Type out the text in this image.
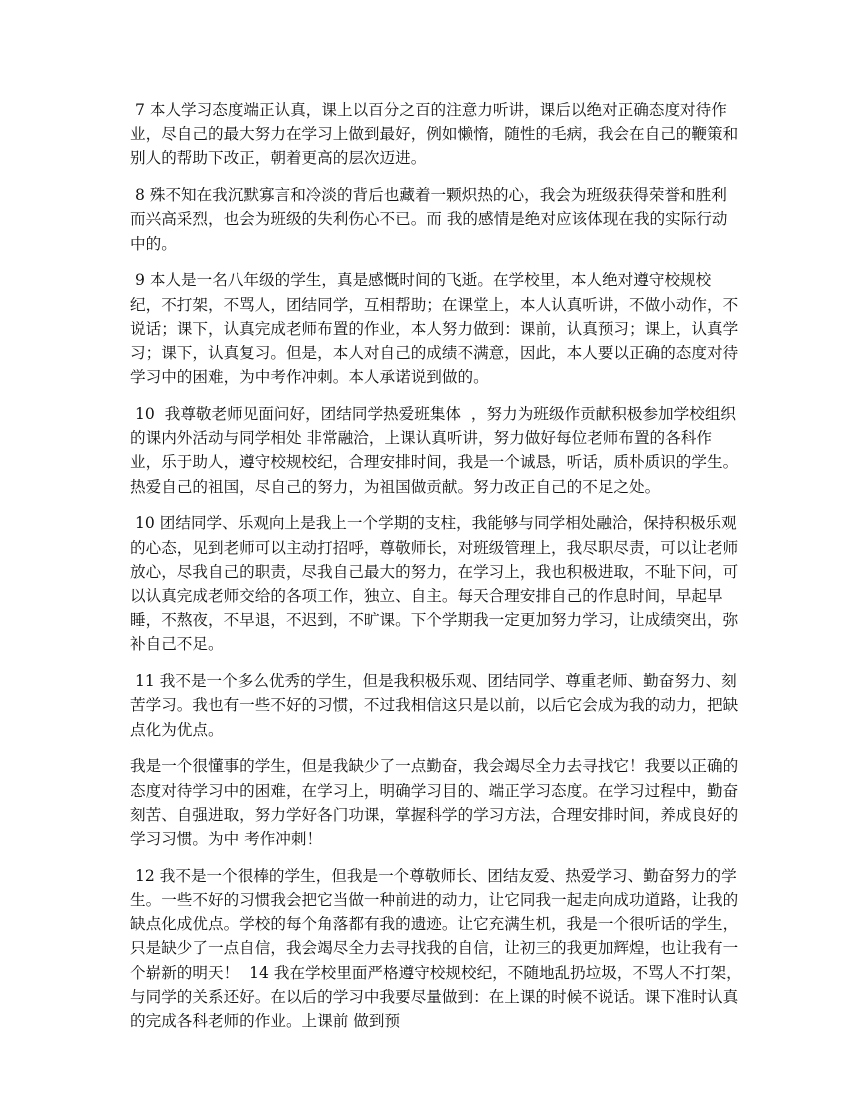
7 本人学习态度端正认真，课上以百分之百的注意力听讲，课后以绝对正确态度对待作业，尽自己的最大努力在学习上做到最好，例如懒惰，随性的毛病，我会在自己的鞭策和别人的帮助下改正，朝着更高的层次迈进。

8 殊不知在我沉默寡言和冷淡的背后也藏着一颗炽热的心，我会为班级获得荣誉和胜利而兴高采烈，也会为班级的失利伤心不已。而 我的感情是绝对应该体现在我的实际行动中的。

9 本人是一名八年级的学生，真是感慨时间的飞逝。在学校里，本人绝对遵守校规校纪，不打架，不骂人，团结同学，互相帮助；在课堂上，本人认真听讲，不做小动作，不说话；课下，认真完成老师布置的作业，本人努力做到：课前，认真预习；课上，认真学习；课下，认真复习。但是，本人对自己的成绩不满意，因此，本人要以正确的态度对待学习中的困难，为中考作冲刺。本人承诺说到做的。

10  我尊敬老师见面问好，团结同学热爱班集体  ，努力为班级作贡献积极参加学校组织的课内外活动与同学相处 非常融洽，上课认真听讲，努力做好每位老师布置的各科作业，乐于助人，遵守校规校纪，合理安排时间，我是一个诚恳，听话，质朴质识的学生。热爱自己的祖国，尽自己的努力，为祖国做贡献。努力改正自己的不足之处。

10 团结同学、乐观向上是我上一个学期的支柱，我能够与同学相处融洽，保持积极乐观的心态，见到老师可以主动打招呼，尊敬师长，对班级管理上，我尽职尽责，可以让老师放心，尽我自己的职责，尽我自己最大的努力，在学习上，我也积极进取，不耻下问，可以认真完成老师交给的各项工作，独立、自主。每天合理安排自己的作息时间，早起早 睡，不熬夜，不早退，不迟到，不旷课。下个学期我一定更加努力学习，让成绩突出，弥补自己不足。

11 我不是一个多么优秀的学生，但是我积极乐观、团结同学、尊重老师、勤奋努力、刻苦学习。我也有一些不好的习惯，不过我相信这只是以前，以后它会成为我的动力，把缺点化为优点。

我是一个很懂事的学生，但是我缺少了一点勤奋，我会竭尽全力去寻找它！我要以正确的态度对待学习中的困难，在学习上，明确学习目的、端正学习态度。在学习过程中，勤奋刻苦、自强进取，努力学好各门功课，掌握科学的学习方法，合理安排时间，养成良好的学习习惯。为中 考作冲刺！

12 我不是一个很棒的学生，但我是一个尊敬师长、团结友爱、热爱学习、勤奋努力的学生。一些不好的习惯我会把它当做一种前进的动力，让它同我一起走向成功道路，让我的缺点化成优点。学校的每个角落都有我的遗迹。让它充满生机，我是一个很听话的学生，只是缺少了一点自信，我会竭尽全力去寻找我的自信，让初三的我更加辉煌，也让我有一个崭新的明天！  14 我在学校里面严格遵守校规校纪，不随地乱扔垃圾，不骂人不打架，与同学的关系还好。在以后的学习中我要尽量做到：在上课的时候不说话。课下准时认真的完成各科老师的作业。上课前 做到预
